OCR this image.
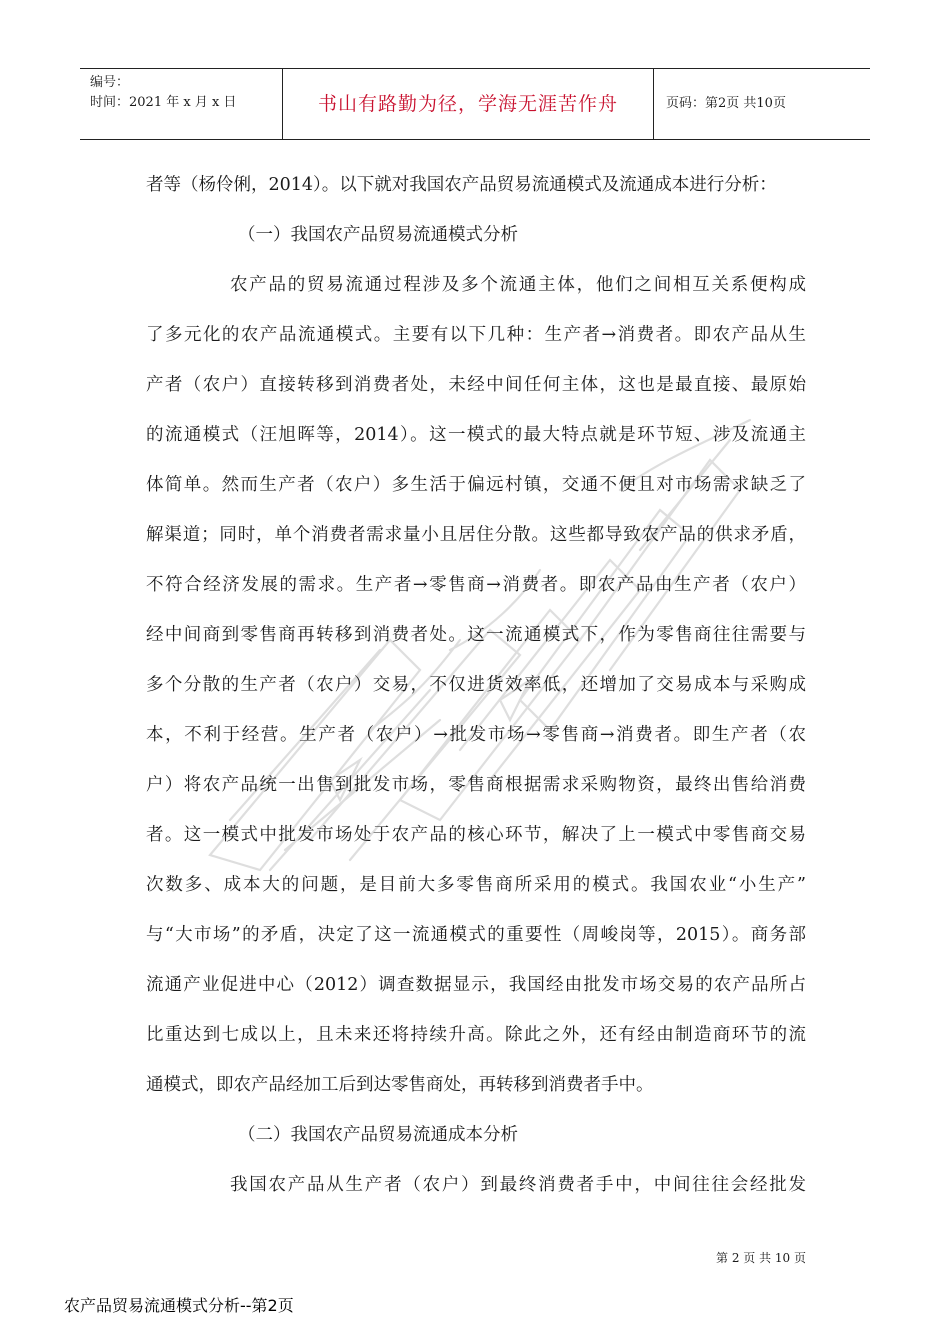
编号：
时间：2021 年 x 月 x 日	书山有路勤为径，学海无涯苦作舟	页码：第2页 共10页
者等（杨伶俐，2014）。以下就对我国农产品贸易流通模式及流通成本进行分析：
（一）我国农产品贸易流通模式分析
农产品的贸易流通过程涉及多个流通主体，他们之间相互关系便构成
了多元化的农产品流通模式。主要有以下几种：生产者→消费者。即农产品从生
产者（农户）直接转移到消费者处，未经中间任何主体，这也是最直接、最原始
的流通模式（汪旭晖等，2014）。这一模式的最大特点就是环节短、涉及流通主
体简单。然而生产者（农户）多生活于偏远村镇，交通不便且对市场需求缺乏了
解渠道；同时，单个消费者需求量小且居住分散。这些都导致农产品的供求矛盾，
不符合经济发展的需求。生产者→零售商→消费者。即农产品由生产者（农户）
经中间商到零售商再转移到消费者处。这一流通模式下，作为零售商往往需要与
多个分散的生产者（农户）交易，不仅进货效率低，还增加了交易成本与采购成
本，不利于经营。生产者（农户）→批发市场→零售商→消费者。即生产者（农
户）将农产品统一出售到批发市场，零售商根据需求采购物资，最终出售给消费
者。这一模式中批发市场处于农产品的核心环节，解决了上一模式中零售商交易
次数多、成本大的问题，是目前大多零售商所采用的模式。我国农业“小生产”
与“大市场”的矛盾，决定了这一流通模式的重要性（周峻岗等，2015）。商务部
流通产业促进中心（2012）调查数据显示，我国经由批发市场交易的农产品所占
比重达到七成以上，且未来还将持续升高。除此之外，还有经由制造商环节的流
通模式，即农产品经加工后到达零售商处，再转移到消费者手中。
（二）我国农产品贸易流通成本分析
我国农产品从生产者（农户）到最终消费者手中，中间往往会经批发
第 2 页 共 10 页
农产品贸易流通模式分析--第2页
